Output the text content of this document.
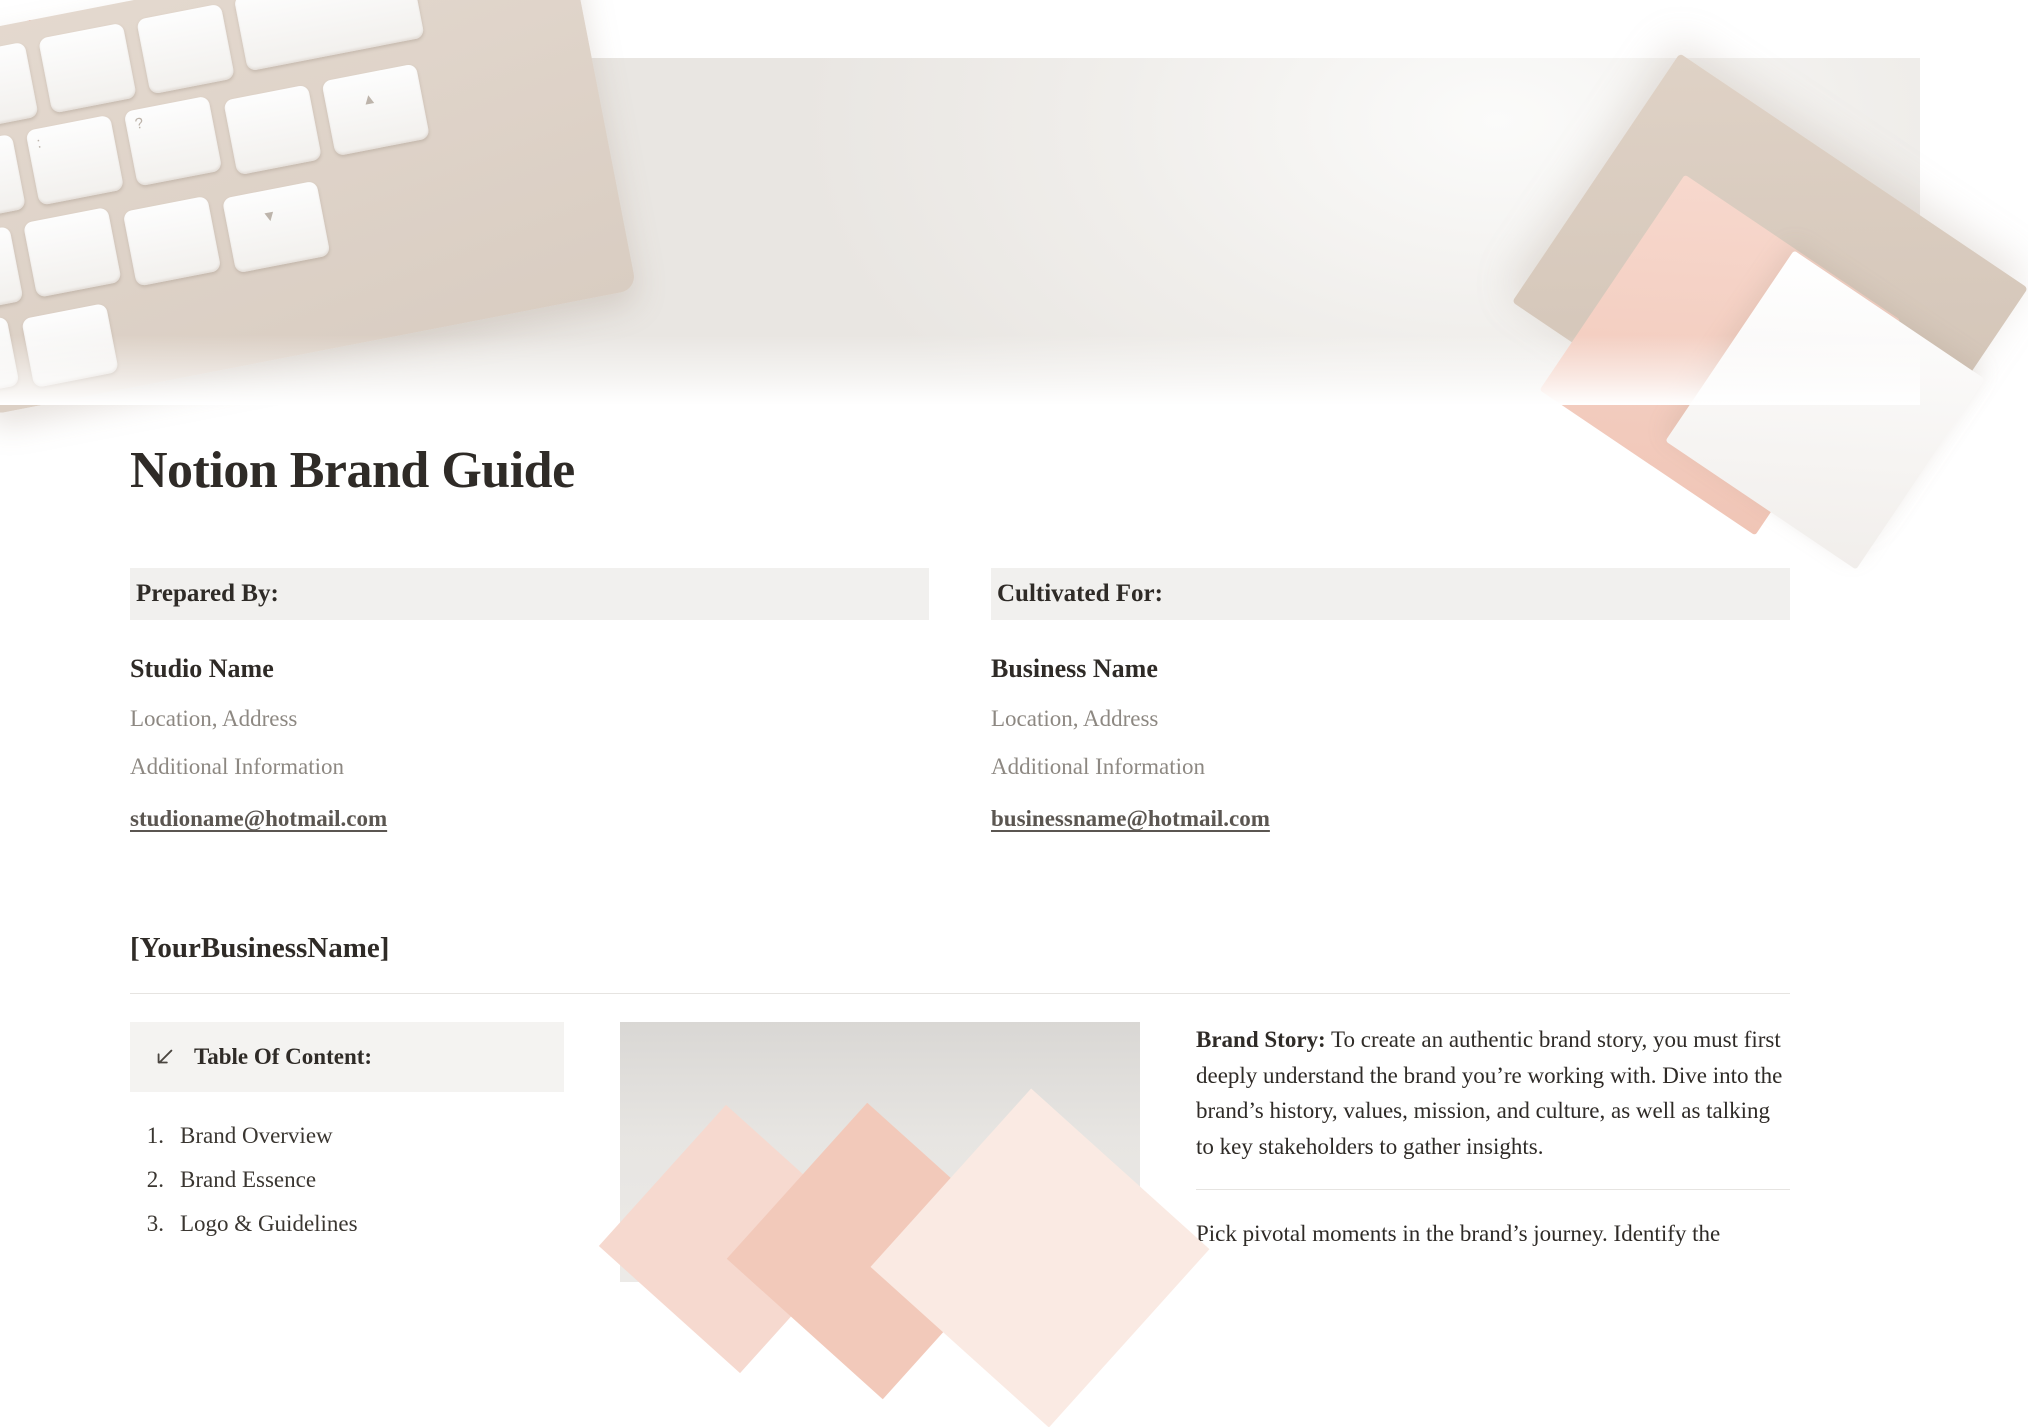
:
?
▲
▼
Notion Brand Guide
Prepared By:
Studio Name
Location, Address
Additional Information
studioname@hotmail.com
Cultivated For:
Business Name
Location, Address
Additional Information
businessname@hotmail.com
[YourBusinessName]
Table Of Content:
1. Brand Overview
2. Brand Essence
3. Logo & Guidelines

Brand Story: To create an authentic brand story, you must first deeply understand the brand you’re working with. Dive into the brand’s history, values, mission, and culture, as well as talking to key stakeholders to gather insights.

Pick pivotal moments in the brand’s journey. Identify the
